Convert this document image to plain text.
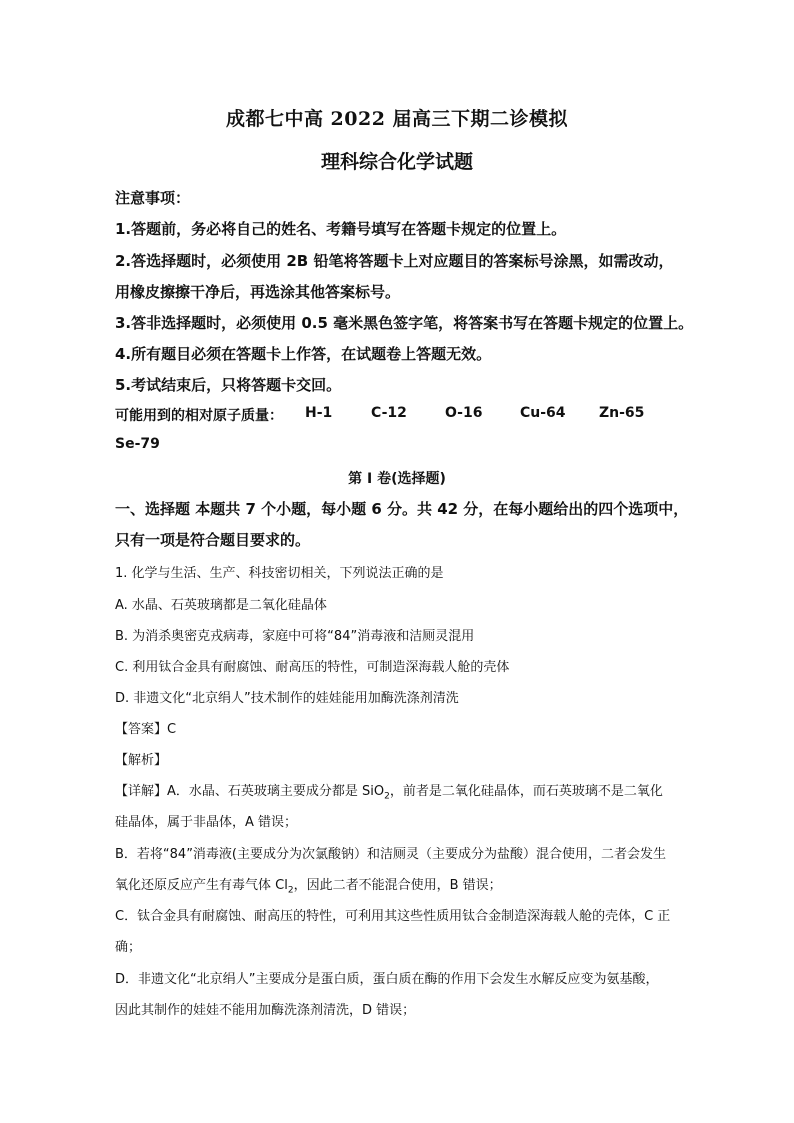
成都七中高 2022 届高三下期二诊模拟
理科综合化学试题
注意事项：
1.答题前，务必将自己的姓名、考籍号填写在答题卡规定的位置上。
2.答选择题时，必须使用 2B 铅笔将答题卡上对应题目的答案标号涂黑，如需改动，
用橡皮擦擦干净后，再选涂其他答案标号。
3.答非选择题时，必须使用 0.5 毫米黑色签字笔，将答案书写在答题卡规定的位置上。
4.所有题目必须在答题卡上作答，在试题卷上答题无效。
5.考试结束后，只将答题卡交回。
可能用到的相对原子质量： H-1	C-12	O-16	Cu-64 Zn-65
Se-79
第 I 卷(选择题)
一、选择题 本题共 7 个小题，每小题 6 分。共 42 分，在每小题给出的四个选项中，
只有一项是符合题目要求的。
1. 化学与生活、生产、科技密切相关，下列说法正确的是
A. 水晶、石英玻璃都是二氧化硅晶体
B. 为消杀奥密克戎病毒，家庭中可将“84”消毒液和洁厕灵混用
C. 利用钛合金具有耐腐蚀、耐高压的特性，可制造深海载人舱的壳体
D. 非遗文化“北京绢人”技术制作的娃娃能用加酶洗涤剂清洗
【答案】C
【解析】
【详解】A．水晶、石英玻璃主要成分都是 SiO$_2$，前者是二氧化硅晶体，而石英玻璃不是二氧化
硅晶体，属于非晶体，A 错误；
B．若将“84”消毒液(主要成分为次氯酸钠）和洁厕灵（主要成分为盐酸）混合使用，二者会发生
氧化还原反应产生有毒气体 $Cl_2$，因此二者不能混合使用，B 错误；
C．钛合金具有耐腐蚀、耐高压的特性，可利用其这些性质用钛合金制造深海载人舱的壳体，C 正
确；
D．非遗文化“北京绢人”主要成分是蛋白质，蛋白质在酶的作用下会发生水解反应变为氨基酸，
因此其制作的娃娃不能用加酶洗涤剂清洗，D 错误；
